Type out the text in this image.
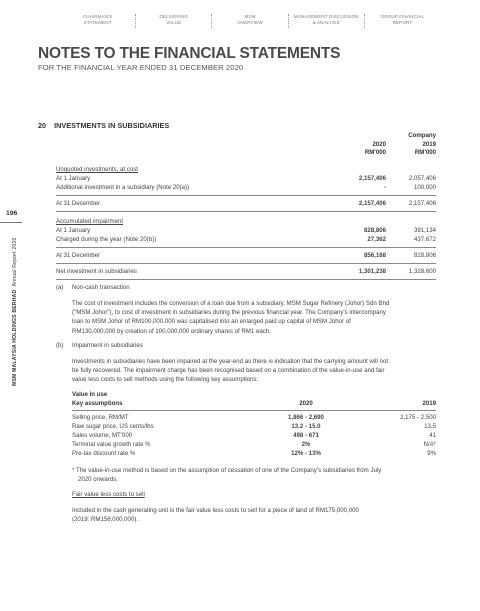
CHAIRMAN'S
STATEMENT
DELIVERING
VALUE
MSM
OVERVIEW
MANAGEMENT DISCUSSION
& ANALYSIS
GROUP FINANCIAL
REPORT
NOTES TO THE FINANCIAL STATEMENTS
FOR THE FINANCIAL YEAR ENDED 31 DECEMBER 2020
196
MSM MALAYSIA HOLDINGS BERHAD  Annual Report 2020
20 INVESTMENTS IN SUBSIDIARIES
Company
2020	2019
RM'000	RM'000
Unquoted investments, at cost
At 1 January	2,157,406	2,057,406
Additional investment in a subsidiary (Note 20(a))	-	100,000
At 31 December	2,157,406	2,157,406
Accumulated impairment
At 1 January	828,806	391,134
Charged during the year (Note 20(b))	27,362	437,672
At 31 December	856,168	828,806
Net investment in subsidiaries	1,301,238	1,328,600
(a) Non-cash transaction
The cost of investment includes the conversion of a loan due from a subsidiary, MSM Sugar Refinery (Johor) Sdn Bhd
("MSM Johor"), to cost of investment in subsidiaries during the previous financial year. The Company's intercompany
loan to MSM Johor of RM100,000,000 was capitalised into an enlarged paid up capital of MSM Johor of
RM130,000,000 by creation of 100,000,000 ordinary shares of RM1 each.
(b) Impairment in subsidiaries
Investments in subsidiaries have been impaired at the year-end as there is indication that the carrying amount will not
be fully recovered. The impairment charge has been recognised based on a combination of the value-in-use and fair
value less costs to sell methods using the following key assumptions:
Value in use
Key assumptions	2020	2019
Selling price, RM/MT	1,866 - 2,690	2,175 - 2,500
Raw sugar price, US cents/lbs	13.2 - 15.0	13.5
Sales volume, MT'000	498 - 671	41
Terminal value growth rate %	2%	N/A*
Pre-tax discount rate %	12% - 13%	9%
* The value-in-use method is based on the assumption of cessation of one of the Company's subsidiaries from July
2020 onwards.
Fair value less costs to sell
Included in the cash generating unit is the fair value less costs to sell for a piece of land of RM175,000,000
(2019: RM156,000,000).
